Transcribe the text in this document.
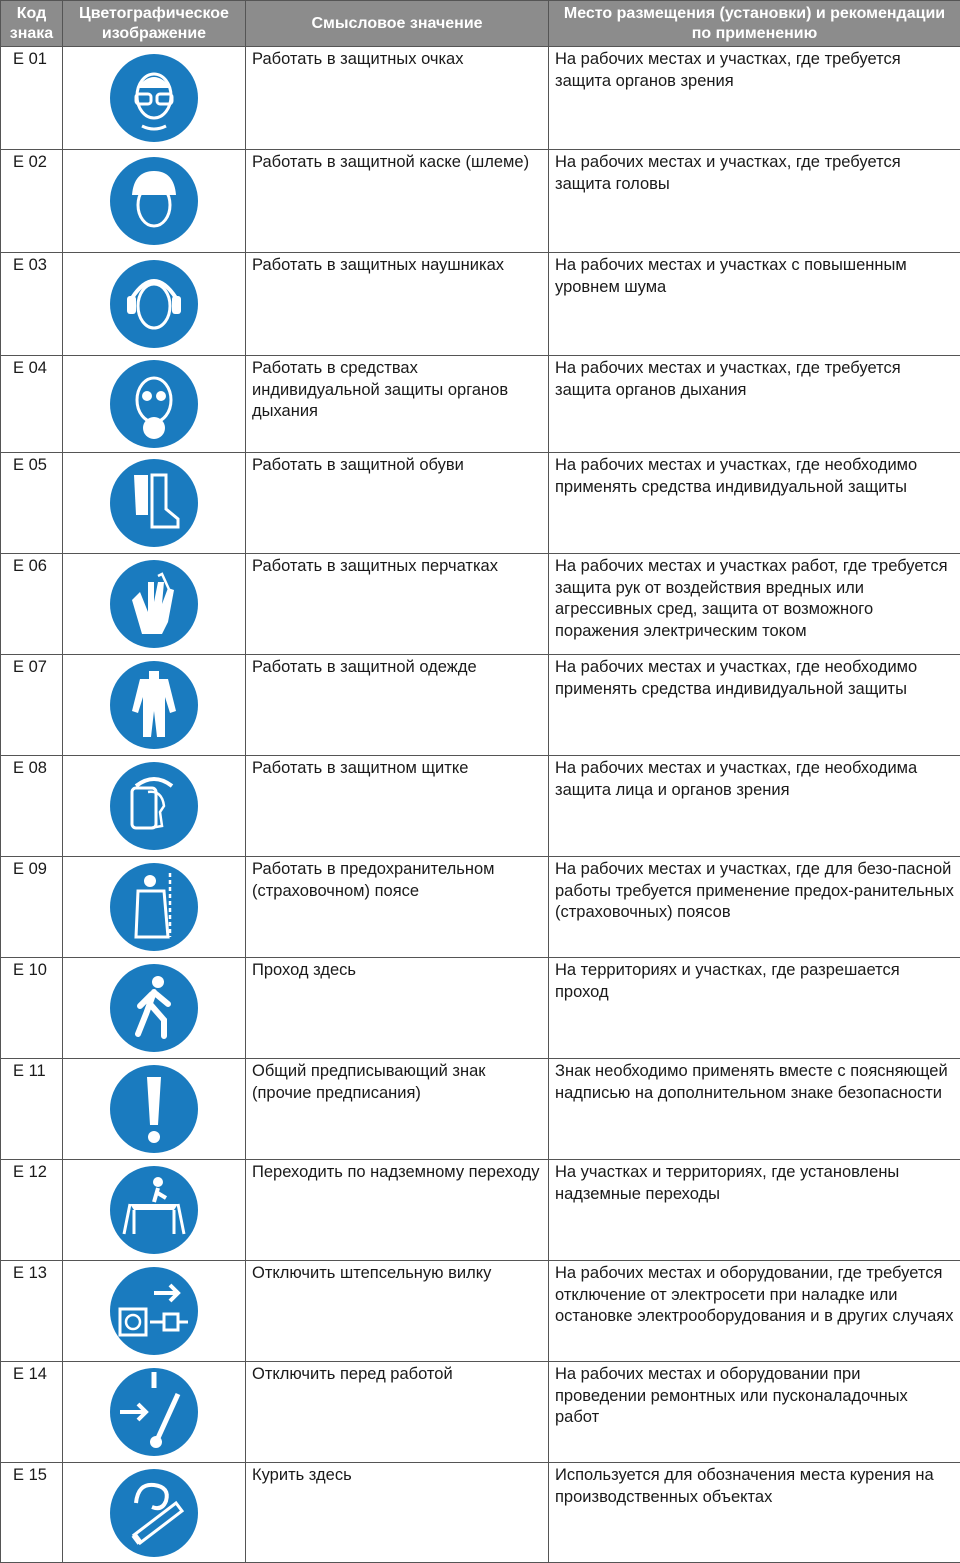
Код знака	Цветографическое изображение	Смысловое значение	Место размещения (установки) и рекомендации по применению
E 01		Работать в защитных очках	На рабочих местах и участках, где требуется защита органов зрения
E 02		Работать в защитной каске (шлеме)	На рабочих местах и участках, где требуется защита головы
E 03		Работать в защитных наушниках	На рабочих местах и участках с повышенным уровнем шума
E 04		Работать в средствах индивидуальной защиты органов дыхания	На рабочих местах и участках, где требуется защита органов дыхания
E 05		Работать в защитной обуви	На рабочих местах и участках, где необходимо применять средства индивидуальной защиты
E 06		Работать в защитных перчатках	На рабочих местах и участках работ, где требуется защита рук от воздействия вредных или агрессивных сред, защита от возможного поражения электрическим током
E 07		Работать в защитной одежде	На рабочих местах и участках, где необходимо применять средства индивидуальной защиты
E 08		Работать в защитном щитке	На рабочих местах и участках, где необходима защита лица и органов зрения
E 09		Работать в предохранительном (страховочном) поясе	На рабочих местах и участках, где для безо-пасной работы требуется применение предох-ранительных (страховочных) поясов
E 10		Проход здесь	На территориях и участках, где разрешается проход
E 11		Общий предписывающий знак (прочие предписания)	Знак необходимо применять вместе с поясняющей надписью на дополнительном знаке безопасности
E 12		Переходить по надземному переходу	На участках и территориях, где установлены надземные переходы
E 13		Отключить штепсельную вилку	На рабочих местах и оборудовании, где требуется отключение от электросети при наладке или остановке электрооборудования и в других случаях
E 14		Отключить перед работой	На рабочих местах и оборудовании при проведении ремонтных или пусконаладочных работ
E 15		Курить здесь	Используется для обозначения места курения на производственных объектах
